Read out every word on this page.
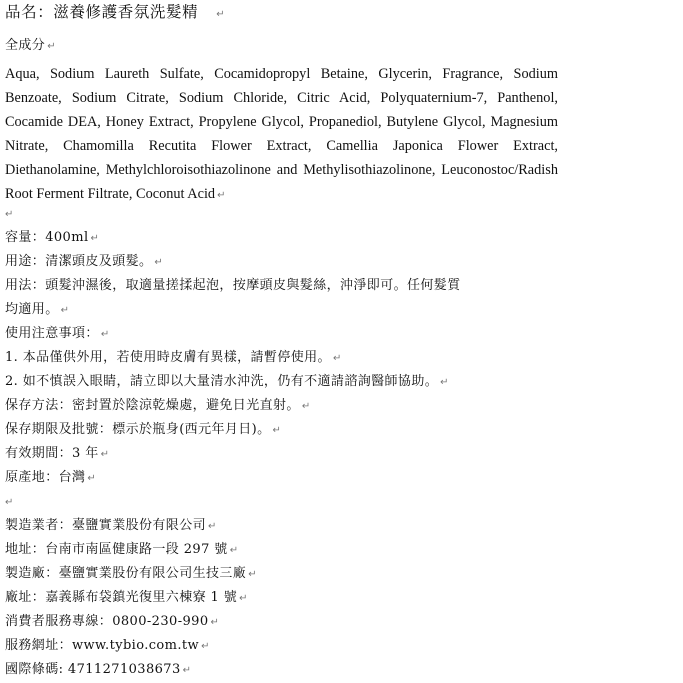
品名：滋養修護香氛洗髮精 ↵
全成分 ↵
Aqua, Sodium Laureth Sulfate, Cocamidopropyl Betaine, Glycerin, Fragrance, Sodium Benzoate, Sodium Citrate, Sodium Chloride, Citric Acid, Polyquaternium-7, Panthenol, Cocamide DEA, Honey Extract, Propylene Glycol, Propanediol, Butylene Glycol, Magnesium Nitrate, Chamomilla Recutita Flower Extract, Camellia Japonica Flower Extract, Diethanolamine, Methylchloroisothiazolinone and Methylisothiazolinone, Leuconostoc/Radish Root Ferment Filtrate, Coconut Acid ↵
↵
容量：400ml ↵
用途：清潔頭皮及頭髮。 ↵
用法：頭髮沖濕後，取適量搓揉起泡，按摩頭皮與髮絲，沖淨即可。任何髮質
均適用。 ↵
使用注意事項： ↵
1. 本品僅供外用，若使用時皮膚有異樣，請暫停使用。 ↵
2. 如不慎誤入眼睛，請立即以大量清水沖洗，仍有不適請諮詢醫師協助。 ↵
保存方法：密封置於陰涼乾燥處，避免日光直射。 ↵
保存期限及批號：標示於瓶身(西元年月日)。 ↵
有效期間：3 年 ↵
原產地：台灣 ↵
↵
製造業者：臺鹽實業股份有限公司 ↵
地址：台南市南區健康路一段 297 號 ↵
製造廠：臺鹽實業股份有限公司生技三廠 ↵
廠址：嘉義縣布袋鎮光復里六棟寮 1 號 ↵
消費者服務專線：0800-230-990 ↵
服務網址：www.tybio.com.tw ↵
國際條碼: 4711271038673 ↵
